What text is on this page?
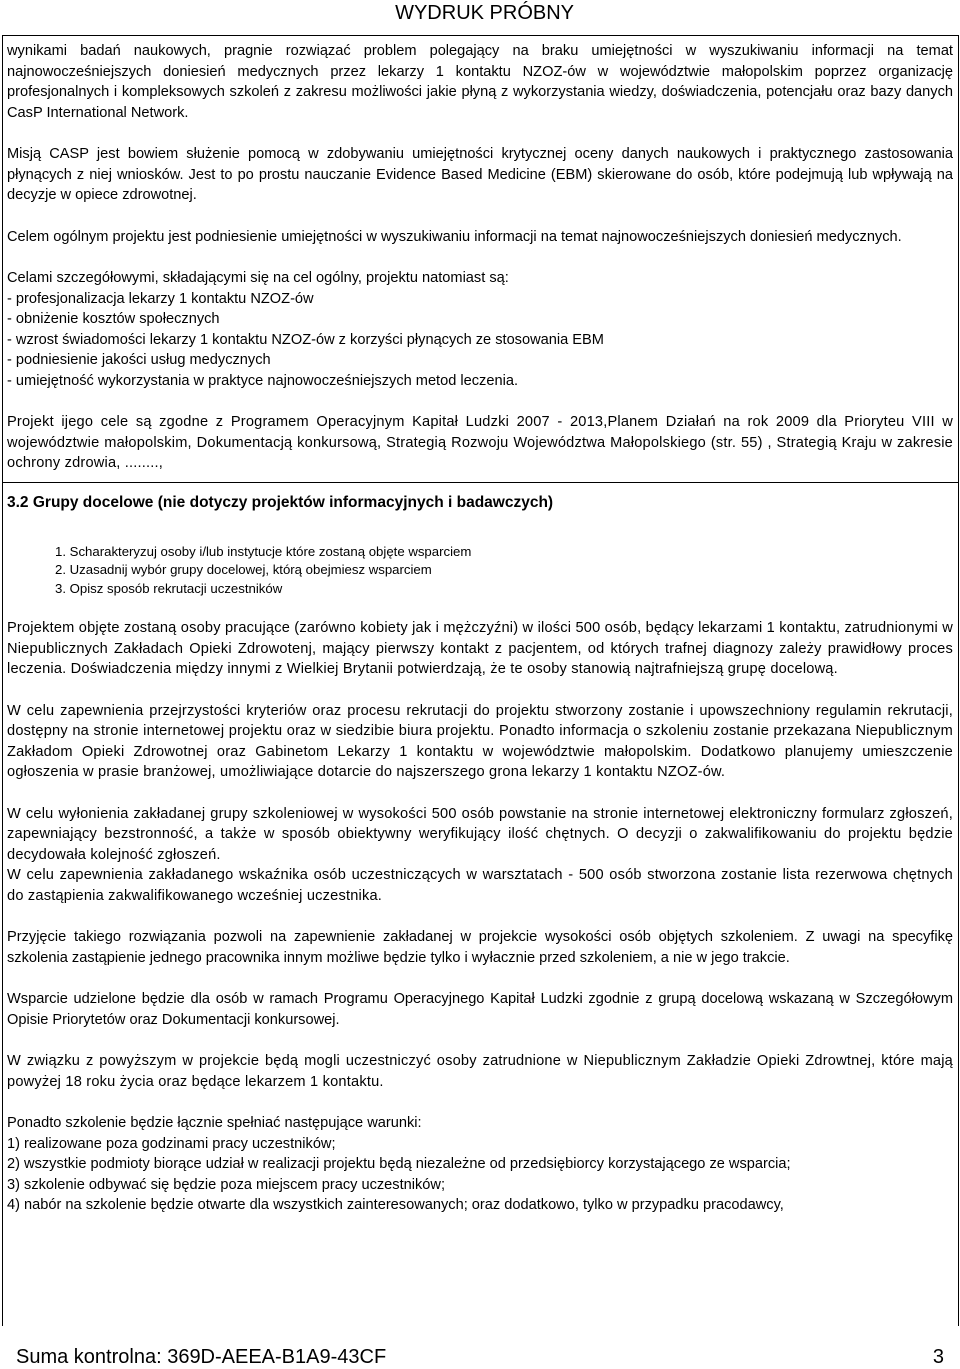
WYDRUK PRÓBNY

wynikami badań naukowych, pragnie rozwiązać problem polegający na braku umiejętności w wyszukiwaniu informacji na temat najnowocześniejszych doniesień medycznych przez lekarzy 1 kontaktu NZOZ-ów w województwie małopolskim poprzez organizację profesjonalnych i kompleksowych szkoleń z zakresu możliwości jakie płyną z wykorzystania wiedzy, doświadczenia, potencjału oraz bazy danych CasP International Network.

Misją CASP jest bowiem służenie pomocą w zdobywaniu umiejętności krytycznej oceny danych naukowych i praktycznego zastosowania płynących z niej wniosków. Jest to po prostu nauczanie Evidence Based Medicine (EBM) skierowane do osób, które podejmują lub wpływają na decyzje w opiece zdrowotnej.

Celem ogólnym projektu jest podniesienie umiejętności w wyszukiwaniu informacji na temat najnowocześniejszych doniesień medycznych.

Celami szczegółowymi, składającymi się na cel ogólny, projektu natomiast są:

- profesjonalizacja lekarzy 1 kontaktu NZOZ-ów
- obniżenie kosztów społecznych
- wzrost świadomości lekarzy 1 kontaktu NZOZ-ów z korzyści płynących ze stosowania EBM
- podniesienie jakości usług medycznych
- umiejętność wykorzystania w praktyce najnowocześniejszych metod leczenia.

Projekt ijego cele są zgodne z Programem Operacyjnym Kapitał Ludzki 2007 - 2013,Planem Działań na rok 2009 dla Prioryteu VIII w województwie małopolskim, Dokumentacją konkursową, Strategią Rozwoju Województwa Małopolskiego (str. 55) , Strategią Kraju w zakresie ochrony zdrowia, ........,

3.2 Grupy docelowe (nie dotyczy projektów informacyjnych i badawczych)
1. Scharakteryzuj osoby i/lub instytucje które zostaną objęte wsparciem
2. Uzasadnij wybór grupy docelowej, którą obejmiesz wsparciem
3. Opisz sposób rekrutacji uczestników

Projektem objęte zostaną osoby pracujące (zarówno kobiety jak i mężczyźni) w ilości 500 osób, będący lekarzami 1 kontaktu, zatrudnionymi w Niepublicznych Zakładach Opieki Zdrowotenj, mający pierwszy kontakt z pacjentem, od których trafnej diagnozy zależy prawidłowy proces leczenia. Doświadczenia między innymi z Wielkiej Brytanii potwierdzają, że te osoby stanowią najtrafniejszą grupę docelową.

W celu zapewnienia przejrzystości kryteriów oraz procesu rekrutacji do projektu stworzony zostanie i upowszechniony regulamin rekrutacji, dostępny na stronie internetowej projektu oraz w siedzibie biura projektu. Ponadto informacja o szkoleniu zostanie przekazana Niepublicznym Zakładom Opieki Zdrowotnej oraz Gabinetom Lekarzy 1 kontaktu w województwie małopolskim. Dodatkowo planujemy umieszczenie ogłoszenia w prasie branżowej, umożliwiające dotarcie do najszerszego grona lekarzy 1 kontaktu NZOZ-ów.

W celu wyłonienia zakładanej grupy szkoleniowej w wysokości 500 osób powstanie na stronie internetowej elektroniczny formularz zgłoszeń, zapewniający bezstronność, a także w sposób obiektywny weryfikujący ilość chętnych. O decyzji o zakwalifikowaniu do projektu będzie decydowała kolejność zgłoszeń.

W celu zapewnienia zakładanego wskaźnika osób uczestniczących w warsztatach - 500 osób stworzona zostanie lista rezerwowa chętnych do zastąpienia zakwalifikowanego wcześniej uczestnika.

Przyjęcie takiego rozwiązania pozwoli na zapewnienie zakładanej w projekcie wysokości osób objętych szkoleniem. Z uwagi na specyfikę szkolenia zastąpienie jednego pracownika innym możliwe będzie tylko i wyłacznie przed szkoleniem, a nie w jego trakcie.

Wsparcie udzielone będzie dla osób w ramach Programu Operacyjnego Kapitał Ludzki zgodnie z grupą docelową wskazaną w Szczegółowym Opisie Priorytetów oraz Dokumentacji konkursowej.

W związku z powyższym w projekcie będą mogli uczestniczyć osoby zatrudnione w Niepublicznym Zakładzie Opieki Zdrowtnej, które mają powyżej 18 roku życia oraz będące lekarzem 1 kontaktu.

Ponadto szkolenie będzie łącznie spełniać następujące warunki:

1) realizowane poza godzinami pracy uczestników;
2) wszystkie podmioty biorące udział w realizacji projektu będą niezależne od przedsiębiorcy korzystającego ze wsparcia;
3) szkolenie odbywać się będzie poza miejscem pracy uczestników;
4) nabór na szkolenie będzie otwarte dla wszystkich zainteresowanych; oraz dodatkowo, tylko w przypadku pracodawcy,
Suma kontrolna: 369D-AEEA-B1A9-43CF	3
